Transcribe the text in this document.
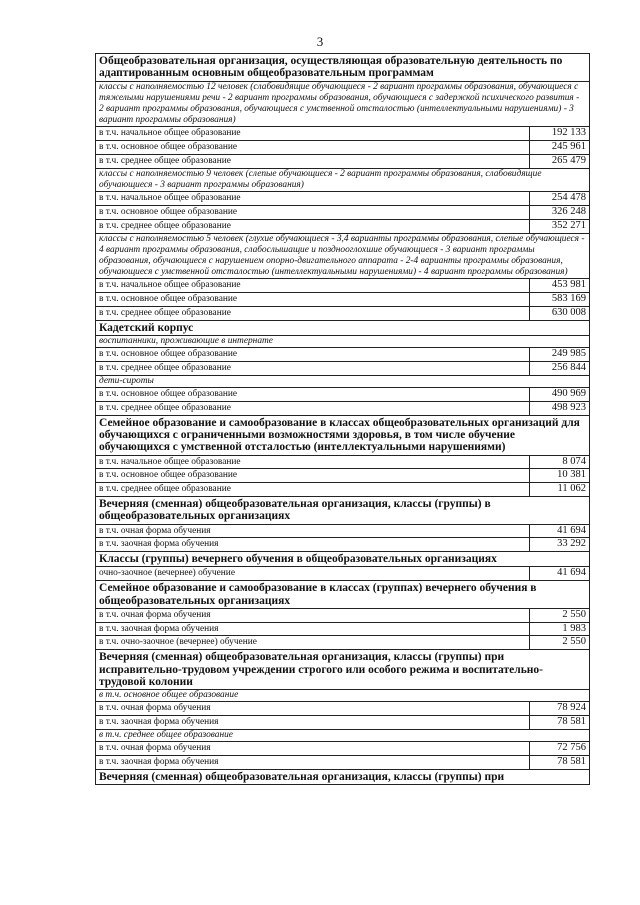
3
Общеобразовательная организация, осуществляющая образовательную деятельность по адаптированным основным общеобразовательным программам	
классы с наполняемостью 12 человек (слабовидящие обучающиеся - 2 вариант программы образования, обучающиеся с тяжелыми нарушениями речи - 2 вариант программы образования, обучающиеся с задержкой психического развития - 2 вариант программы образования, обучающиеся с умственной отсталостью (интеллектуальными нарушениями) - 3 вариант программы образования)	
в т.ч. начальное общее образование	192 133
в т.ч. основное общее образование	245 961
в т.ч. среднее общее образование	265 479
классы с наполняемостью 9 человек (слепые обучающиеся - 2 вариант программы образования, слабовидящие обучающиеся - 3 вариант программы образования)	
в т.ч. начальное общее образование	254 478
в т.ч. основное общее образование	326 248
в т.ч. среднее общее образование	352 271
классы с наполняемостью 5 человек (глухие обучающиеся - 3,4 варианты программы образования, слепые обучающиеся - 4 вариант программы образования, слабослышащие и позднооглохшие обучающиеся - 3 вариант программы образования, обучающиеся с нарушением опорно-двигательного аппарата - 2-4 варианты программы образования, обучающиеся с умственной отсталостью (интеллектуальными нарушениями) - 4 вариант программы образования)	
в т.ч. начальное общее образование	453 981
в т.ч. основное общее образование	583 169
в т.ч. среднее общее образование	630 008
Кадетский корпус	
воспитанники, проживающие в интернате	
в т.ч. основное общее образование	249 985
в т.ч. среднее общее образование	256 844
дети-сироты	
в т.ч. основное общее образование	490 969
в т.ч. среднее общее образование	498 923
Семейное образование и самообразование в классах общеобразовательных организаций для обучающихся с ограниченными возможностями здоровья, в том числе обучение обучающихся с умственной отсталостью (интеллектуальными нарушениями)	
в т.ч. начальное общее образование	8 074
в т.ч. основное общее образование	10 381
в т.ч. среднее общее образование	11 062
Вечерняя (сменная) общеобразовательная организация, классы (группы) в общеобразовательных организациях	
в т.ч. очная форма обучения	41 694
в т.ч. заочная форма обучения	33 292
Классы (группы) вечернего обучения в общеобразовательных организациях	
очно-заочное (вечернее) обучение	41 694
Семейное образование и самообразование в классах (группах) вечернего обучения в общеобразовательных организациях	
в т.ч. очная форма обучения	2 550
в т.ч. заочная форма обучения	1 983
в т.ч. очно-заочное (вечернее) обучение	2 550
Вечерняя (сменная) общеобразовательная организация, классы (группы) при исправительно-трудовом учреждении строгого или особого режима и воспитательно-трудовой колонии	
в т.ч. основное общее образование	
в т.ч. очная форма обучения	78 924
в т.ч. заочная форма обучения	78 581
в т.ч. среднее общее образование	
в т.ч. очная форма обучения	72 756
в т.ч. заочная форма обучения	78 581
Вечерняя (сменная) общеобразовательная организация, классы (группы) при	
